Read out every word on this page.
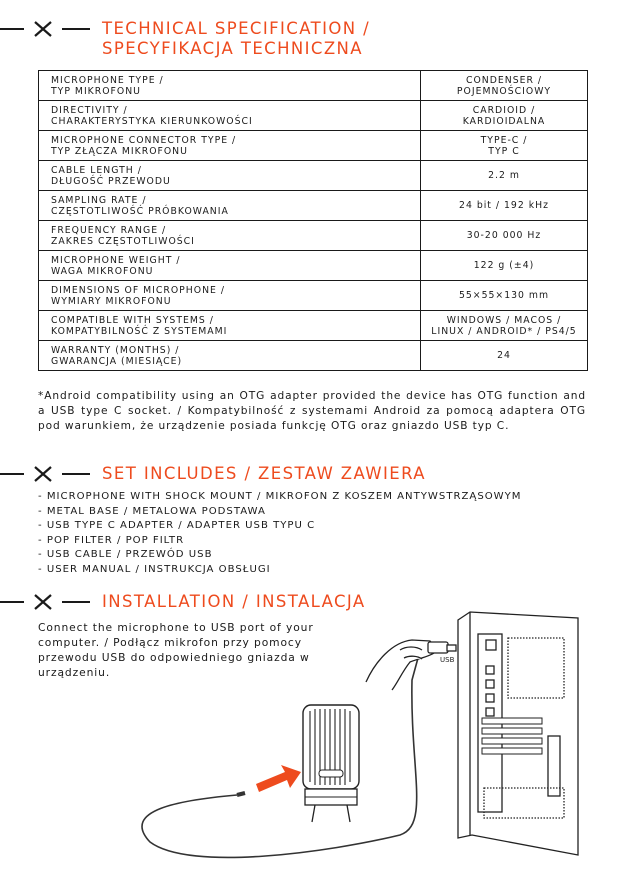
TECHNICAL SPECIFICATION /
SPECYFIKACJA TECHNICZNA
MICROPHONE TYPE /
TYP MIKROFONU	CONDENSER /
POJEMNOŚCIOWY

DIRECTIVITY /
CHARAKTERYSTYKA KIERUNKOWOŚCI	CARDIOID /
KARDIOIDALNA

MICROPHONE CONNECTOR TYPE /
TYP ZŁĄCZA MIKROFONU	TYPE-C /
TYP C

CABLE LENGTH /
DŁUGOŚĆ PRZEWODU	2.2 m

SAMPLING RATE /
CZĘSTOTLIWOŚĆ PRÓBKOWANIA	24 bit / 192 kHz

FREQUENCY RANGE /
ZAKRES CZĘSTOTLIWOŚCI	30-20 000 Hz

MICROPHONE WEIGHT /
WAGA MIKROFONU	122 g (±4)

DIMENSIONS OF MICROPHONE /
WYMIARY MIKROFONU	55×55×130 mm

COMPATIBLE WITH SYSTEMS /
KOMPATYBILNOŚĆ Z SYSTEMAMI	WINDOWS / MACOS /
LINUX / ANDROID* / PS4/5

WARRANTY (MONTHS) /
GWARANCJA (MIESIĄCE)	24
*Android compatibility using an OTG adapter provided the device has OTG function and a USB type C socket. / Kompatybilność z systemami Android za pomocą adaptera OTG pod warunkiem, że urządzenie posiada funkcję OTG oraz gniazdo USB typ C.
SET INCLUDES / ZESTAW ZAWIERA
- MICROPHONE WITH SHOCK MOUNT / MIKROFON Z KOSZEM ANTYWSTRZĄSOWYM
- METAL BASE / METALOWA PODSTAWA
- USB TYPE C ADAPTER / ADAPTER USB TYPU C
- POP FILTER / POP FILTR
- USB CABLE / PRZEWÓD USB
- USER MANUAL / INSTRUKCJA OBSŁUGI
INSTALLATION / INSTALACJA
Connect the microphone to USB port of your computer. / Podłącz mikrofon przy pomocy przewodu USB do odpowiedniego gniazda w urządzeniu.
USB
